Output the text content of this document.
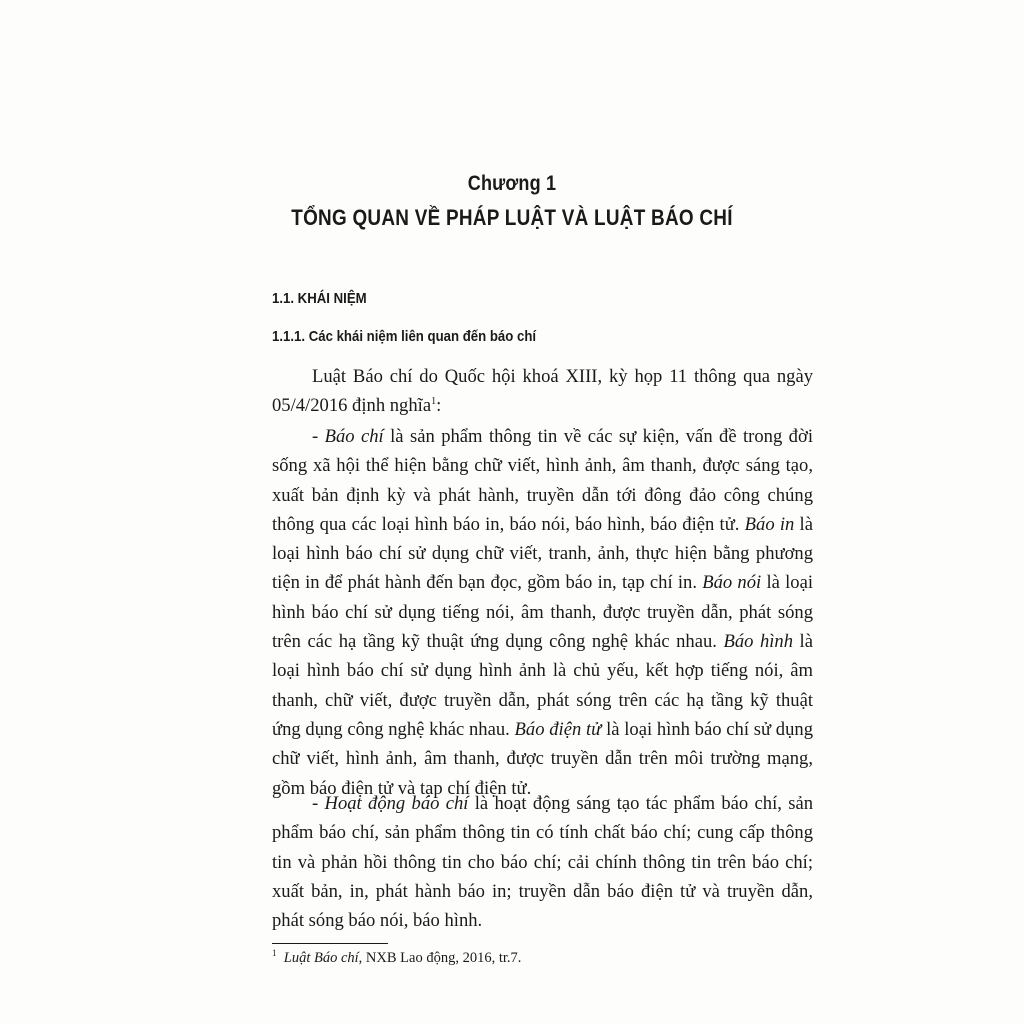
Chương 1
TỔNG QUAN VỀ PHÁP LUẬT VÀ LUẬT BÁO CHÍ
1.1. KHÁI NIỆM
1.1.1. Các khái niệm liên quan đến báo chí

Luật Báo chí do Quốc hội khoá XIII, kỳ họp 11 thông qua ngày 05/4/2016 định nghĩa$^1$:

- Báo chí là sản phẩm thông tin về các sự kiện, vấn đề trong đời sống xã hội thể hiện bằng chữ viết, hình ảnh, âm thanh, được sáng tạo, xuất bản định kỳ và phát hành, truyền dẫn tới đông đảo công chúng thông qua các loại hình báo in, báo nói, báo hình, báo điện tử. Báo in là loại hình báo chí sử dụng chữ viết, tranh, ảnh, thực hiện bằng phương tiện in để phát hành đến bạn đọc, gồm báo in, tạp chí in. Báo nói là loại hình báo chí sử dụng tiếng nói, âm thanh, được truyền dẫn, phát sóng trên các hạ tầng kỹ thuật ứng dụng công nghệ khác nhau. Báo hình là loại hình báo chí sử dụng hình ảnh là chủ yếu, kết hợp tiếng nói, âm thanh, chữ viết, được truyền dẫn, phát sóng trên các hạ tầng kỹ thuật ứng dụng công nghệ khác nhau. Báo điện tử là loại hình báo chí sử dụng chữ viết, hình ảnh, âm thanh, được truyền dẫn trên môi trường mạng, gồm báo điện tử và tạp chí điện tử.

- Hoạt động báo chí là hoạt động sáng tạo tác phẩm báo chí, sản phẩm báo chí, sản phẩm thông tin có tính chất báo chí; cung cấp thông tin và phản hồi thông tin cho báo chí; cải chính thông tin trên báo chí; xuất bản, in, phát hành báo in; truyền dẫn báo điện tử và truyền dẫn, phát sóng báo nói, báo hình.

$^1$ Luật Báo chí, NXB Lao động, 2016, tr.7.
